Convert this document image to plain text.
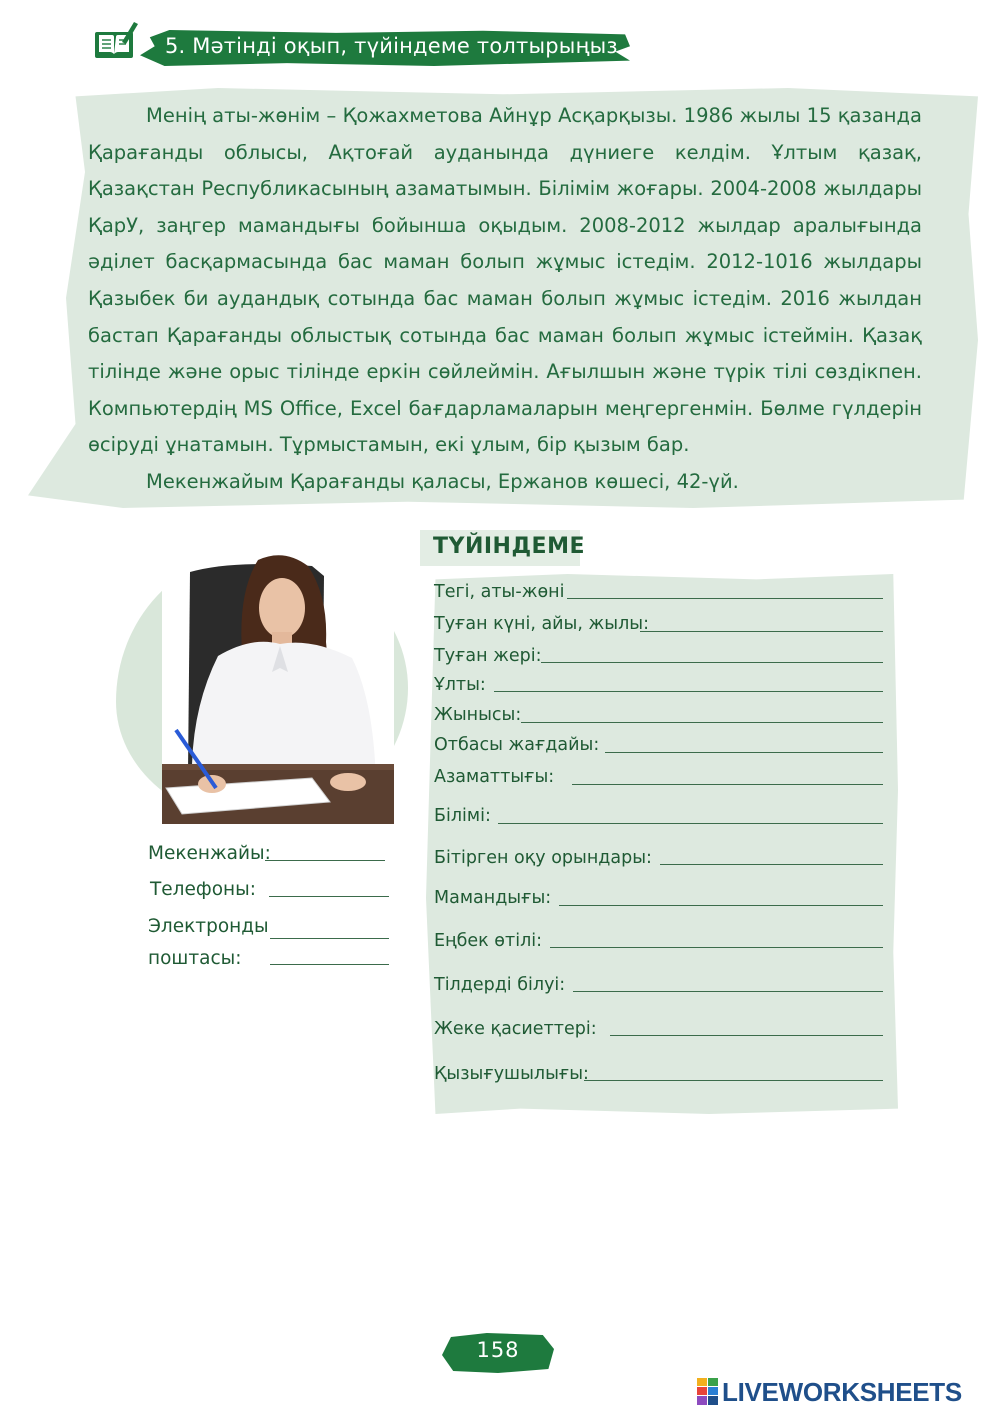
5. Мәтінді оқып, түйіндеме толтырыңыз.

Менің аты-жөнім – Қожахметова Айнұр Асқарқызы. 1986 жылы 15 қазанда Қарағанды облысы, Ақтоғай ауданында дүниеге келдім. Ұлтым қазақ, Қазақстан Республикасының азаматымын. Білімім жоғары. 2004-2008 жылдары ҚарУ, заңгер мамандығы бойынша оқыдым. 2008-2012 жылдар аралығында әділет басқармасында бас маман болып жұмыс істедім. 2012-1016 жылдары Қазыбек би аудандық сотында бас маман болып жұмыс істедім. 2016 жылдан бастап Қарағанды облыстық сотында бас маман болып жұмыс істеймін. Қазақ тілінде және орыс тілінде еркін сөйлеймін. Ағылшын және түрік тілі сөздікпен. Компьютердің MS Office, Excel бағдарламаларын меңгергенмін. Бөлме гүлдерін өсіруді ұнатамын. Тұрмыстамын, екі ұлым, бір қызым бар.

Мекенжайым Қарағанды қаласы, Ержанов көшесі, 42-үй.

Мекенжайы:
Телефоны:
Электронды
поштасы:
ТҮЙІНДЕМЕ
Тегі, аты-жөні
Туған күні, айы, жылы:
Туған жері:
Ұлты:
Жынысы:
Отбасы жағдайы:
Азаматтығы:
Білімі:
Бітірген оқу орындары:
Мамандығы:
Еңбек өтілі:
Тілдерді білуі:
Жеке қасиеттері:
Қызығушылығы:
158
LIVEWORKSHEETS
